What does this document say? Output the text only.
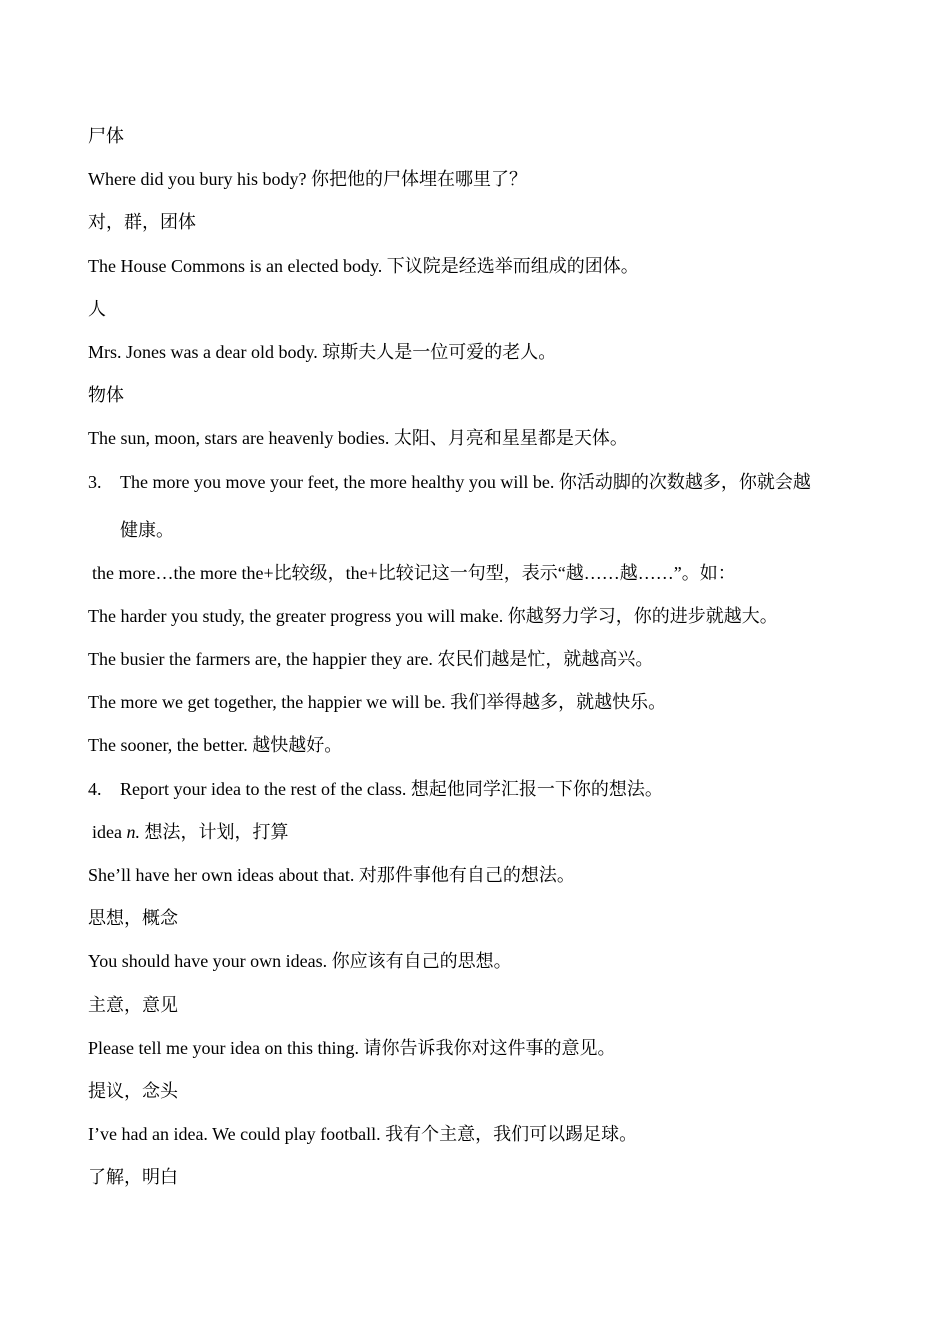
尸体
Where did you bury his body? 你把他的尸体埋在哪里了？
对，群，团体
The House Commons is an elected body. 下议院是经选举而组成的团体。
人
Mrs. Jones was a dear old body. 琼斯夫人是一位可爱的老人。
物体
The sun, moon, stars are heavenly bodies. 太阳、月亮和星星都是天体。
3. The more you move your feet, the more healthy you will be. 你活动脚的次数越多，你就会越
健康。
the more…the more the+比较级，the+比较记这一句型，表示“越……越……”。如：
The harder you study, the greater progress you will make. 你越努力学习，你的进步就越大。
The busier the farmers are, the happier they are. 农民们越是忙，就越高兴。
The more we get together, the happier we will be. 我们举得越多，就越快乐。
The sooner, the better. 越快越好。
4. Report your idea to the rest of the class. 想起他同学汇报一下你的想法。
idea n. 想法，计划，打算
She’ll have her own ideas about that. 对那件事他有自己的想法。
思想，概念
You should have your own ideas. 你应该有自己的思想。
主意，意见
Please tell me your idea on this thing. 请你告诉我你对这件事的意见。
提议，念头
I’ve had an idea. We could play football. 我有个主意，我们可以踢足球。
了解，明白
